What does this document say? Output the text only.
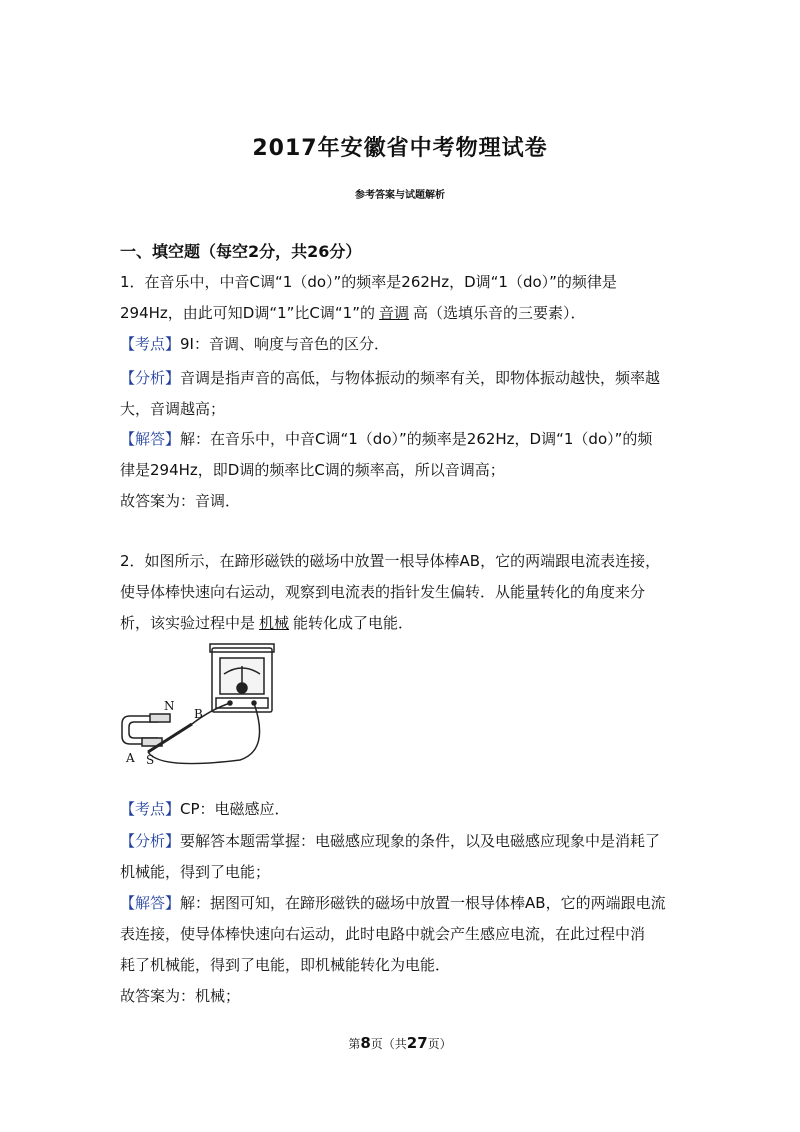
2017年安徽省中考物理试卷
参考答案与试题解析
一、填空题（每空2分，共26分）
1．在音乐中，中音C调“1（do）”的频率是262Hz，D调“1（do）”的频律是
294Hz，由此可知D调“1”比C调“1”的 音调 高（选填乐音的三要素）．
【考点】9I：音调、响度与音色的区分．
【分析】音调是指声音的高低，与物体振动的频率有关，即物体振动越快，频率越
大，音调越高；
【解答】解：在音乐中，中音C调“1（do）”的频率是262Hz，D调“1（do）”的频
律是294Hz，即D调的频率比C调的频率高，所以音调高；
故答案为：音调．
2．如图所示，在蹄形磁铁的磁场中放置一根导体棒AB，它的两端跟电流表连接，
使导体棒快速向右运动，观察到电流表的指针发生偏转．从能量转化的角度来分
析，该实验过程中是 机械 能转化成了电能．
N
B
A S
【考点】CP：电磁感应．
【分析】要解答本题需掌握：电磁感应现象的条件，以及电磁感应现象中是消耗了
机械能，得到了电能；
【解答】解：据图可知，在蹄形磁铁的磁场中放置一根导体棒AB，它的两端跟电流
表连接，使导体棒快速向右运动，此时电路中就会产生感应电流，在此过程中消
耗了机械能，得到了电能，即机械能转化为电能．
故答案为：机械；
第8页（共27页）
